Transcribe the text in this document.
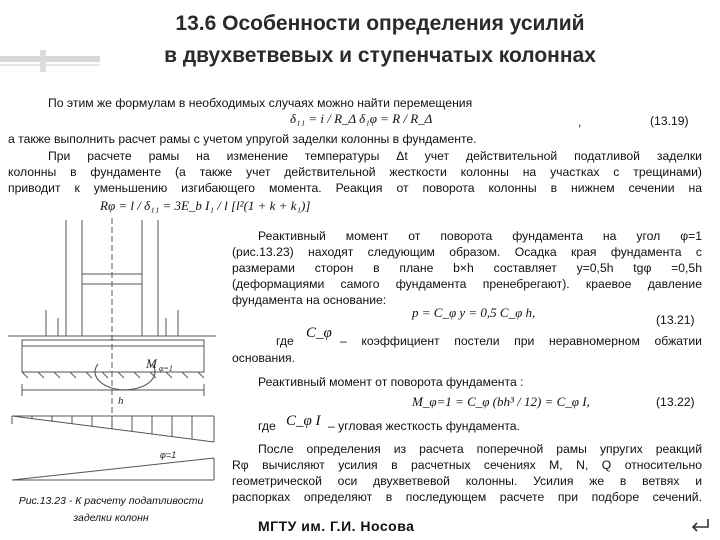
13.6 Особенности определения усилий
в двухветвевых и ступенчатых колоннах
По этим же формулам в необходимых случаях можно найти перемещения
δ₁₁ = i / R_Δ δ₁φ = R / R_Δ	,	(13.19)
а также выполнить расчет рамы с учетом упругой заделки колонны в фундаменте.
При расчете рамы на изменение температуры Δt учет действительной податливой заделки
колонны в фундаменте (а также учет действительной жесткости колонны на участках с трещинами)
приводит к уменьшению изгибающего момента. Реакция от поворота колонны в нижнем сечении на
Rφ = l / δ₁₁ = 3E_b I₁ / l [l²(1 + k + k₁)]
Реактивный момент от поворота фундамента на угол φ=1
(рис.13.23) находят следующим образом. Осадка края фундамента с
размерами сторон в плане b×h составляет y=0,5h tgφ =0,5h
(деформациями самого фундамента пренебрегают). краевое давление
фундамента на основание:
p = C_φ y = 0,5 C_φ h,	(13.21)
где C_φ – коэффициент постели при неравномерном обжатии
основания.
Реактивный момент от поворота фундамента :
M_φ=1 = C_φ (bh³ / 12) = C_φ I,	(13.22)
где C_φ I – угловая жесткость фундамента.
После определения из расчета поперечной рамы упругих реакций
Rφ вычисляют усилия в расчетных сечениях M, N, Q относительно
геометрической оси двухветвевой колонны. Усилия же в ветвях и
распорках определяют в последующем расчете при подборе сечений.
M φ=1
h
φ=1
Рис.13.23 - К расчету податливости
заделки колонн	МГТУ им. Г.И. Носова
